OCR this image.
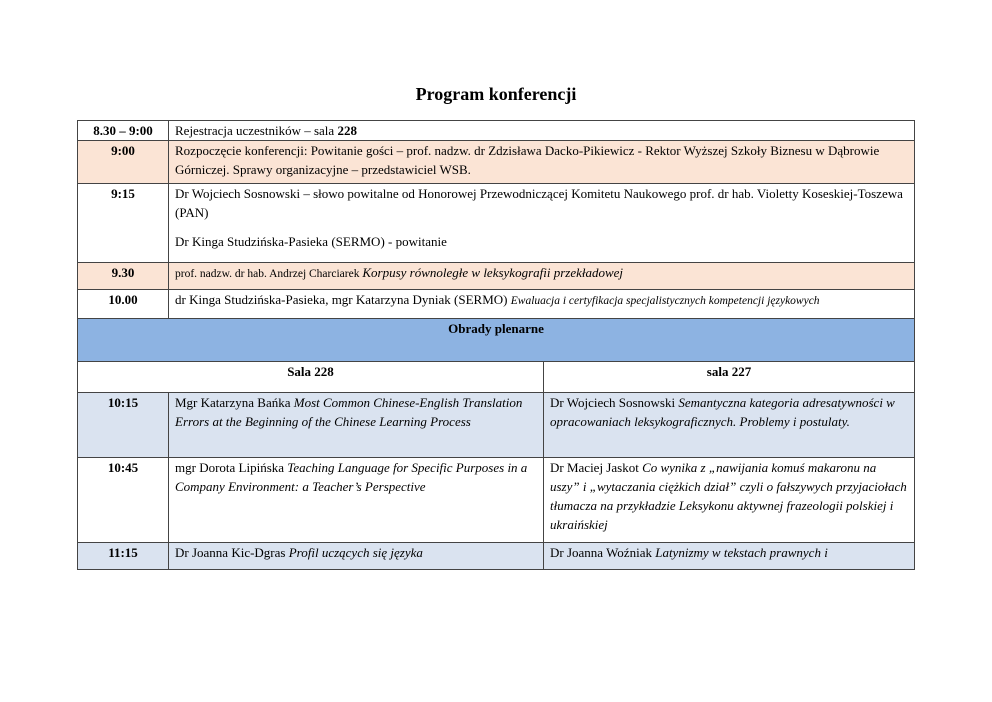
Program konferencji
8.30 – 9:00	Rejestracja uczestników – sala 228	
9:00	Rozpoczęcie konferencji: Powitanie gości – prof. nadzw. dr Zdzisława Dacko-Pikiewicz - Rektor Wyższej Szkoły Biznesu w Dąbrowie Górniczej. Sprawy organizacyjne – przedstawiciel WSB.	
9:15	Dr Wojciech Sosnowski – słowo powitalne od Honorowej Przewodniczącej Komitetu Naukowego prof. dr hab. Violetty Koseskiej-Toszewa (PAN)
Dr Kinga Studzińska-Pasieka (SERMO) - powitanie	

9.30	prof. nadzw. dr hab. Andrzej Charciarek Korpusy równoległe w leksykografii przekładowej	
10.00	dr Kinga Studzińska-Pasieka, mgr Katarzyna Dyniak (SERMO) Ewaluacja i certyfikacja specjalistycznych kompetencji językowych	
Obrady plenarne		
Sala 228		sala 227
10:15	Mgr Katarzyna Bańka Most Common Chinese-English Translation Errors at the Beginning of the Chinese Learning Process	Dr Wojciech Sosnowski Semantyczna kategoria adresatywności w opracowaniach leksykograficznych. Problemy i postulaty.
10:45	mgr Dorota Lipińska Teaching Language for Specific Purposes in a Company Environment: a Teacher’s Perspective	Dr Maciej Jaskot Co wynika z „nawijania komuś makaronu na uszy” i „wytaczania ciężkich dział” czyli o fałszywych przyjaciołach tłumacza na przykładzie Leksykonu aktywnej frazeologii polskiej i ukraińskiej
11:15	Dr Joanna Kic-Dgras Profil uczących się języka	Dr Joanna Woźniak Latynizmy w tekstach prawnych i
